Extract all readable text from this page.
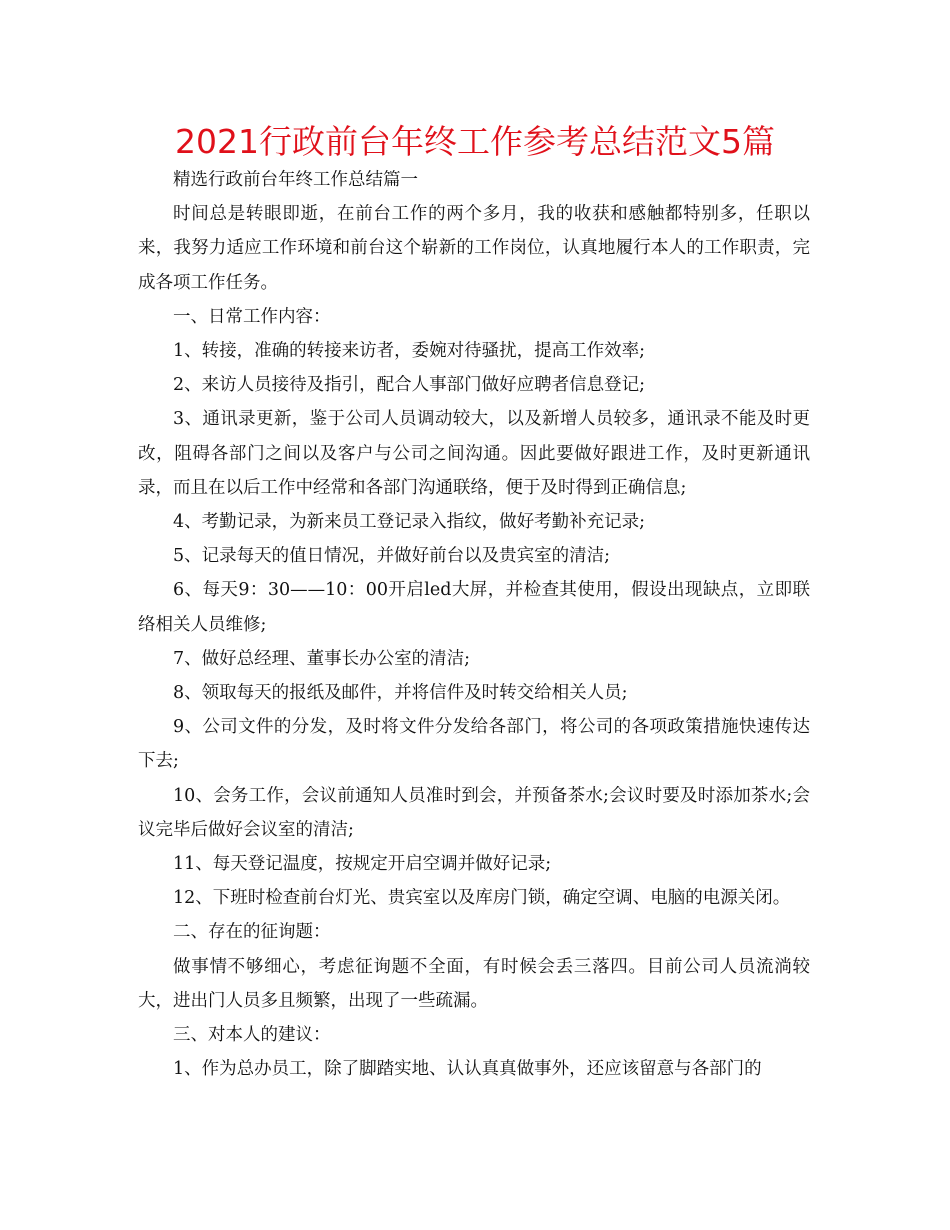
2021行政前台年终工作参考总结范文5篇

精选行政前台年终工作总结篇一

时间总是转眼即逝，在前台工作的两个多月，我的收获和感触都特别多，任职以来，我努力适应工作环境和前台这个崭新的工作岗位，认真地履行本人的工作职责，完成各项工作任务。

一、日常工作内容：

1、转接，准确的转接来访者，委婉对待骚扰，提高工作效率;

2、来访人员接待及指引，配合人事部门做好应聘者信息登记;

3、通讯录更新，鉴于公司人员调动较大，以及新增人员较多，通讯录不能及时更改，阻碍各部门之间以及客户与公司之间沟通。因此要做好跟进工作，及时更新通讯录，而且在以后工作中经常和各部门沟通联络，便于及时得到正确信息;

4、考勤记录，为新来员工登记录入指纹，做好考勤补充记录;

5、记录每天的值日情况，并做好前台以及贵宾室的清洁;

6、每天9：30——10：00开启led大屏，并检查其使用，假设出现缺点，立即联络相关人员维修;

7、做好总经理、董事长办公室的清洁;

8、领取每天的报纸及邮件，并将信件及时转交给相关人员;

9、公司文件的分发，及时将文件分发给各部门，将公司的各项政策措施快速传达下去;

10、会务工作，会议前通知人员准时到会，并预备茶水;会议时要及时添加茶水;会议完毕后做好会议室的清洁;

11、每天登记温度，按规定开启空调并做好记录;

12、下班时检查前台灯光、贵宾室以及库房门锁，确定空调、电脑的电源关闭。

二、存在的征询题：

做事情不够细心，考虑征询题不全面，有时候会丢三落四。目前公司人员流淌较大，进出门人员多且频繁，出现了一些疏漏。

三、对本人的建议：

1、作为总办员工，除了脚踏实地、认认真真做事外，还应该留意与各部门的
